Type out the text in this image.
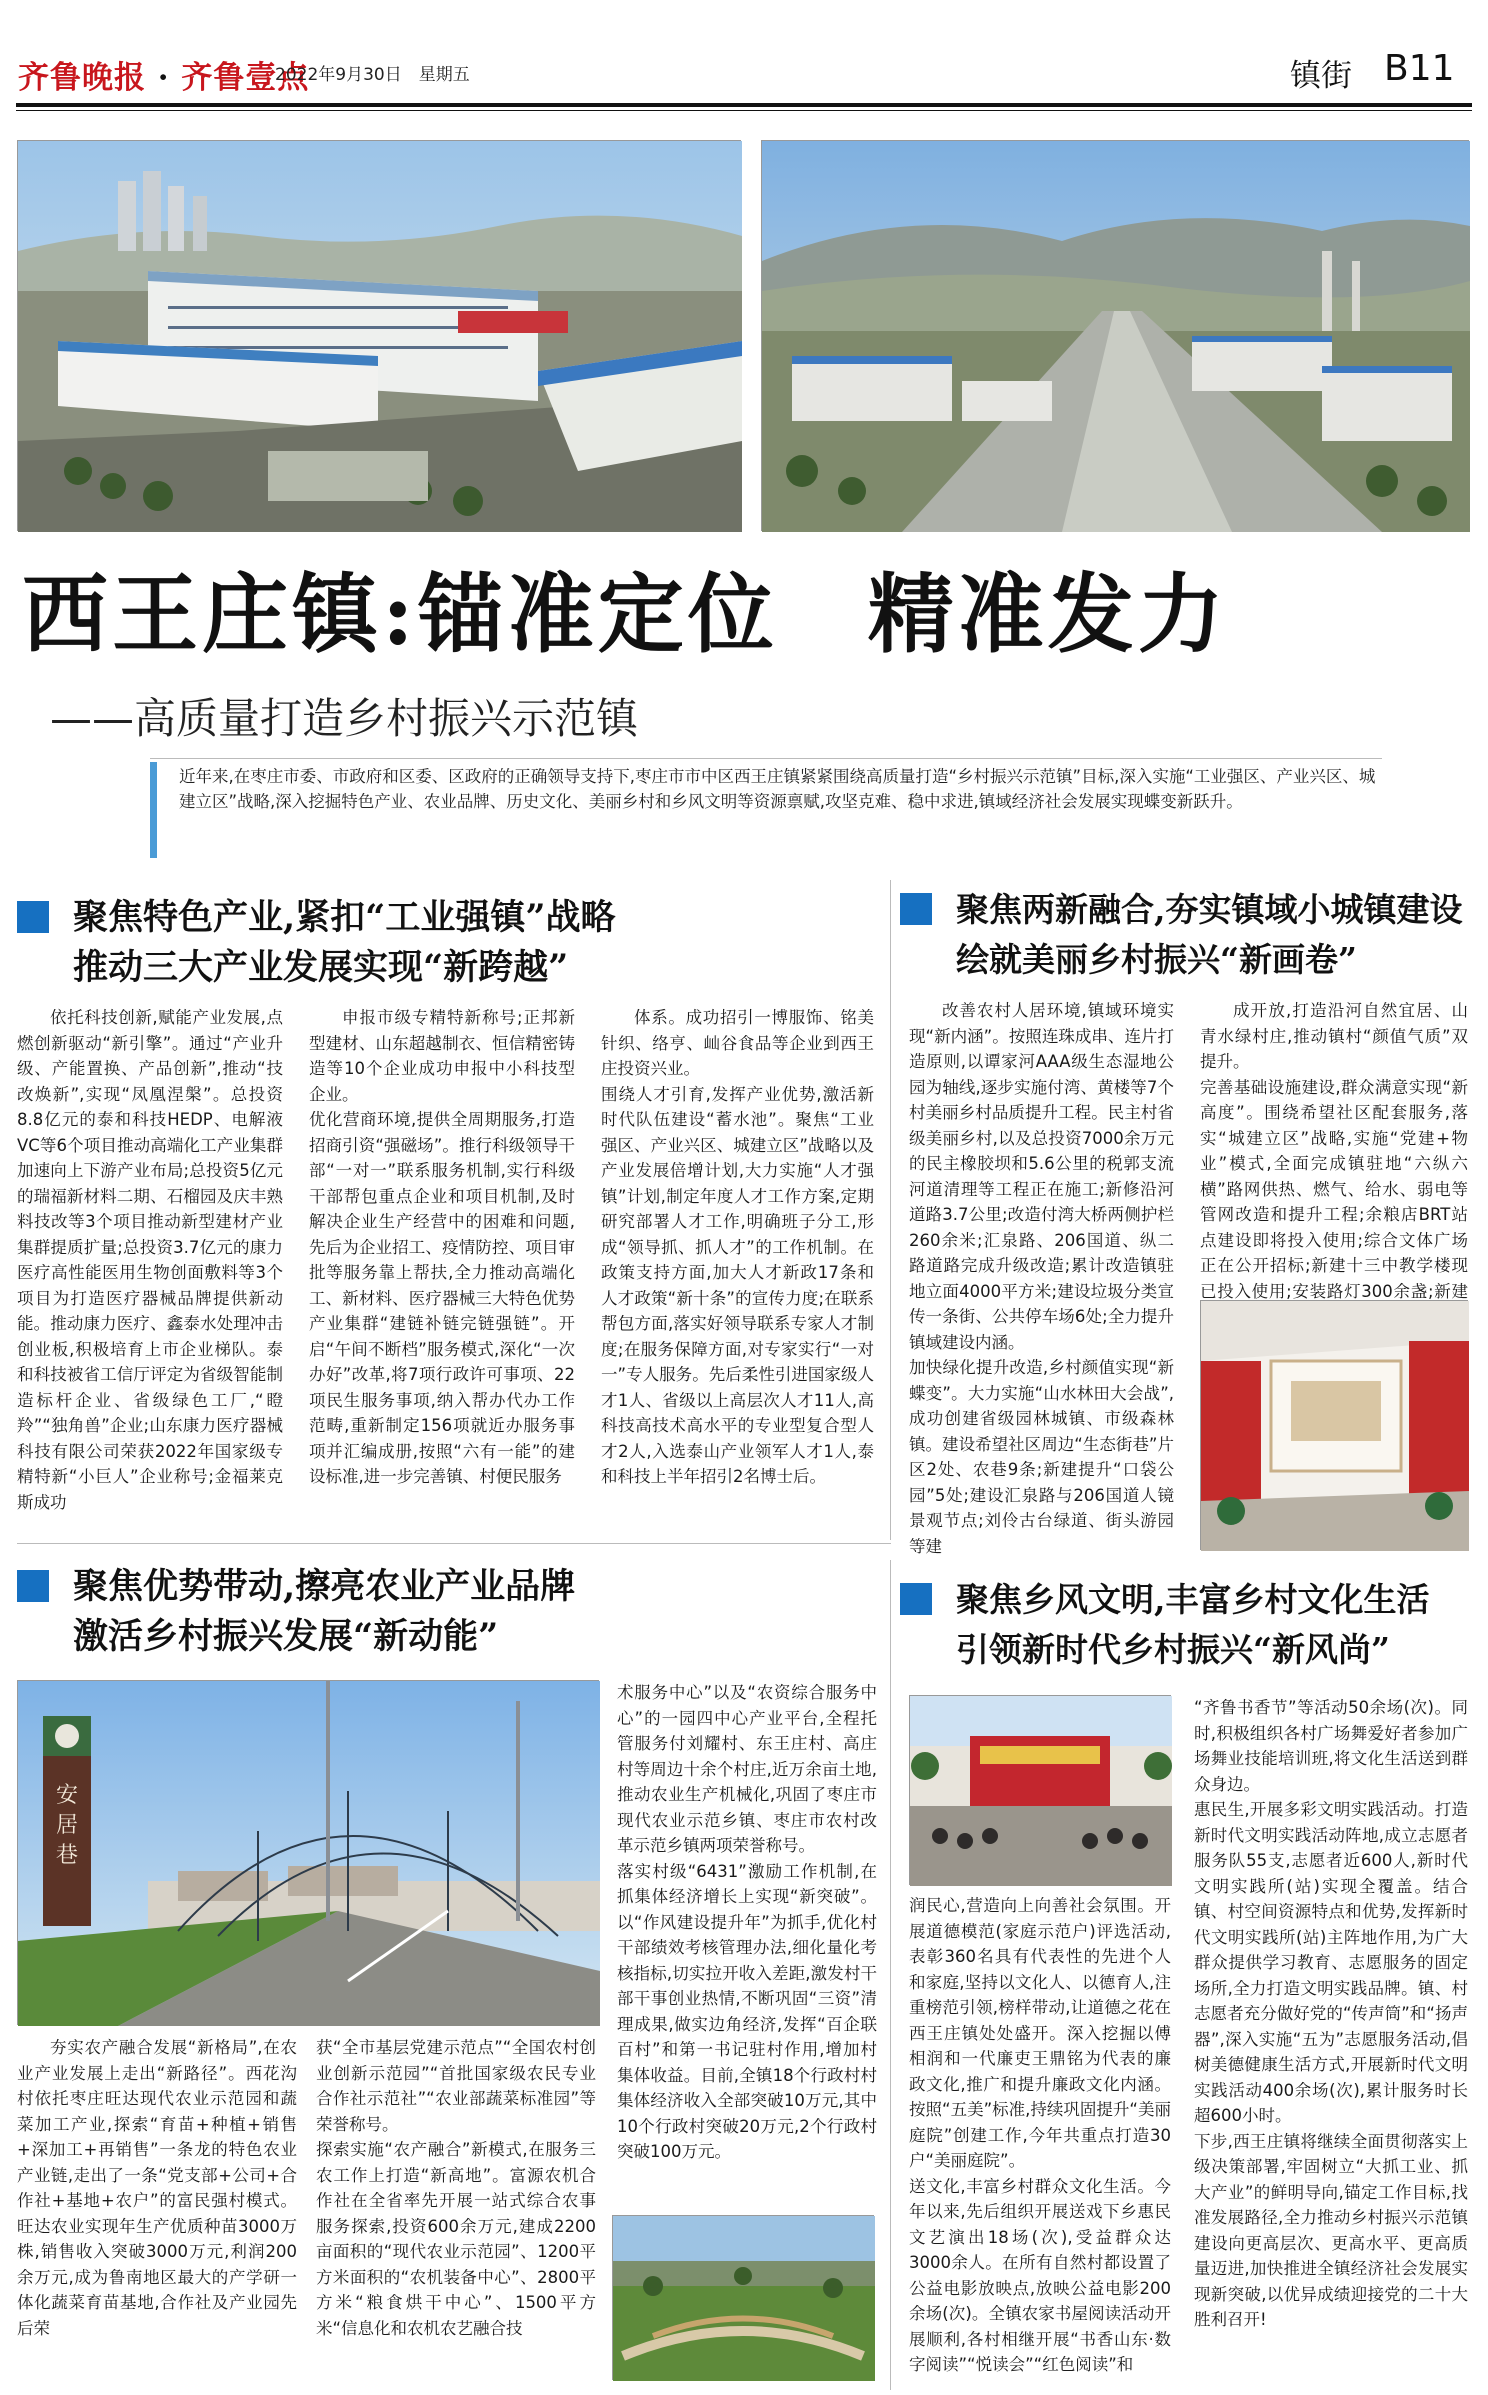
齐鲁晚报 · 齐鲁壹点
2022年9月30日　星期五	镇街 B11
西王庄镇:锚准定位　精准发力
——高质量打造乡村振兴示范镇
近年来,在枣庄市委、市政府和区委、区政府的正确领导支持下,枣庄市市中区西王庄镇紧紧围绕高质量打造“乡村振兴示范镇”目标,深入实施“工业强区、产业兴区、城建立区”战略,深入挖掘特色产业、农业品牌、历史文化、美丽乡村和乡风文明等资源禀赋,攻坚克难、稳中求进,镇域经济社会发展实现蝶变新跃升。
聚焦特色产业,紧扣“工业强镇”战略
推动三大产业发展实现“新跨越”

依托科技创新,赋能产业发展,点燃创新驱动“新引擎”。通过“产业升级、产能置换、产品创新”,推动“技改焕新”,实现“凤凰涅槃”。总投资8.8亿元的泰和科技HEDP、电解液VC等6个项目推动高端化工产业集群加速向上下游产业布局;总投资5亿元的瑞福新材料二期、石榴园及庆丰熟料技改等3个项目推动新型建材产业集群提质扩量;总投资3.7亿元的康力医疗高性能医用生物创面敷料等3个项目为打造医疗器械品牌提供新动能。推动康力医疗、鑫泰水处理冲击创业板,积极培育上市企业梯队。泰和科技被省工信厅评定为省级智能制造标杆企业、省级绿色工厂,“瞪羚”“独角兽”企业;山东康力医疗器械科技有限公司荣获2022年国家级专精特新“小巨人”企业称号;金福莱克斯成功

申报市级专精特新称号;正邦新型建材、山东超越制衣、恒信精密铸造等10个企业成功申报中小科技型企业。
优化营商环境,提供全周期服务,打造招商引资“强磁场”。推行科级领导干部“一对一”联系服务机制,实行科级干部帮包重点企业和项目机制,及时解决企业生产经营中的困难和问题,先后为企业招工、疫情防控、项目审批等服务靠上帮扶,全力推动高端化工、新材料、医疗器械三大特色优势产业集群“建链补链完链强链”。开启“午间不断档”服务模式,深化“一次办好”改革,将7项行政许可事项、22项民生服务事项,纳入帮办代办工作范畴,重新制定156项就近办服务事项并汇编成册,按照“六有一能”的建设标准,进一步完善镇、村便民服务
体系。成功招引一博服饰、铭美针织、络亨、屾谷食品等企业到西王庄投资兴业。
围绕人才引育,发挥产业优势,激活新时代队伍建设“蓄水池”。聚焦“工业强区、产业兴区、城建立区”战略以及产业发展倍增计划,大力实施“人才强镇”计划,制定年度人才工作方案,定期研究部署人才工作,明确班子分工,形成“领导抓、抓人才”的工作机制。在政策支持方面,加大人才新政17条和人才政策“新十条”的宣传力度;在联系帮包方面,落实好领导联系专家人才制度;在服务保障方面,对专家实行“一对一”专人服务。先后柔性引进国家级人才1人、省级以上高层次人才11人,高科技高技术高水平的专业型复合型人才2人,入选泰山产业领军人才1人,泰和科技上半年招引2名博士后。
聚焦两新融合,夯实镇域小城镇建设
绘就美丽乡村振兴“新画卷”
改善农村人居环境,镇域环境实现“新内涵”。按照连珠成串、连片打造原则,以谭家河AAA级生态湿地公园为轴线,逐步实施付湾、黄楼等7个村美丽乡村品质提升工程。民主村省级美丽乡村,以及总投资7000余万元的民主橡胶坝和5.6公里的税郭支流河道清理等工程正在施工;新修沿河道路3.7公里;改造付湾大桥两侧护栏260余米;汇泉路、206国道、纵二路道路完成升级改造;累计改造镇驻地立面4000平方米;建设垃圾分类宣传一条街、公共停车场6处;全力提升镇域建设内涵。
加快绿化提升改造,乡村颜值实现“新蝶变”。大力实施“山水林田大会战”,成功创建省级园林城镇、市级森林镇。建设希望社区周边“生态街巷”片区2处、农巷9条;新建提升“口袋公园”5处;建设汇泉路与206国道人镜景观节点;刘伶古台绿道、街头游园等建
成开放,打造沿河自然宜居、山青水绿村庄,推动镇村“颜值气质”双提升。
完善基础设施建设,群众满意实现“新高度”。围绕希望社区配套服务,落实“城建立区”战略,实施“党建+物业”模式,全面完成镇驻地“六纵六横”路网供热、燃气、给水、弱电等管网改造和提升工程;余粮店BRT站点建设即将投入使用;综合文体广场正在公开招标;新建十三中教学楼现已投入使用;安装路灯300余盏;新建
聚焦优势带动,擦亮农业产业品牌
激活乡村振兴发展“新动能”
安居巷
术服务中心”以及“农资综合服务中心”的一园四中心产业平台,全程托管服务付刘耀村、东王庄村、高庄村等周边十余个村庄,近万余亩土地,推动农业生产机械化,巩固了枣庄市现代农业示范乡镇、枣庄市农村改革示范乡镇两项荣誉称号。
落实村级“6431”激励工作机制,在抓集体经济增长上实现“新突破”。以“作风建设提升年”为抓手,优化村干部绩效考核管理办法,细化量化考核指标,切实拉开收入差距,激发村干部干事创业热情,不断巩固“三资”清理成果,做实边角经济,发挥“百企联百村”和第一书记驻村作用,增加村集体收益。目前,全镇18个行政村村集体经济收入全部突破10万元,其中10个行政村突破20万元,2个行政村突破100万元。
夯实农产融合发展“新格局”,在农业产业发展上走出“新路径”。西花沟村依托枣庄旺达现代农业示范园和蔬菜加工产业,探索“育苗+种植+销售+深加工+再销售”一条龙的特色农业产业链,走出了一条“党支部+公司+合作社+基地+农户”的富民强村模式。旺达农业实现年生产优质种苗3000万株,销售收入突破3000万元,利润200余万元,成为鲁南地区最大的产学研一体化蔬菜育苗基地,合作社及产业园先后荣
获“全市基层党建示范点”“全国农村创业创新示范园”“首批国家级农民专业合作社示范社”“农业部蔬菜标准园”等荣誉称号。
探索实施“农产融合”新模式,在服务三农工作上打造“新高地”。富源农机合作社在全省率先开展一站式综合农事服务探索,投资600余万元,建成2200亩面积的“现代农业示范园”、1200平方米面积的“农机装备中心”、2800平方米“粮食烘干中心”、1500平方米“信息化和农机农艺融合技
聚焦乡风文明,丰富乡村文化生活
引领新时代乡村振兴“新风尚”
润民心,营造向上向善社会氛围。开展道德模范(家庭示范户)评选活动,表彰360名具有代表性的先进个人和家庭,坚持以文化人、以德育人,注重榜范引领,榜样带动,让道德之花在西王庄镇处处盛开。深入挖掘以傅相润和一代廉吏王鼎铭为代表的廉政文化,推广和提升廉政文化内涵。按照“五美”标准,持续巩固提升“美丽庭院”创建工作,今年共重点打造30户“美丽庭院”。
送文化,丰富乡村群众文化生活。今年以来,先后组织开展送戏下乡惠民文艺演出18场(次),受益群众达3000余人。在所有自然村都设置了公益电影放映点,放映公益电影200余场(次)。全镇农家书屋阅读活动开展顺利,各村相继开展“书香山东·数字阅读”“悦读会”“红色阅读”和
“齐鲁书香节”等活动50余场(次)。同时,积极组织各村广场舞爱好者参加广场舞业技能培训班,将文化生活送到群众身边。
惠民生,开展多彩文明实践活动。打造新时代文明实践活动阵地,成立志愿者服务队55支,志愿者近600人,新时代文明实践所(站)实现全覆盖。结合镇、村空间资源特点和优势,发挥新时代文明实践所(站)主阵地作用,为广大群众提供学习教育、志愿服务的固定场所,全力打造文明实践品牌。镇、村志愿者充分做好党的“传声筒”和“扬声器”,深入实施“五为”志愿服务活动,倡树美德健康生活方式,开展新时代文明实践活动400余场(次),累计服务时长超600小时。
下步,西王庄镇将继续全面贯彻落实上级决策部署,牢固树立“大抓工业、抓大产业”的鲜明导向,锚定工作目标,找准发展路径,全力推动乡村振兴示范镇建设向更高层次、更高水平、更高质量迈进,加快推进全镇经济社会发展实现新突破,以优异成绩迎接党的二十大胜利召开!
